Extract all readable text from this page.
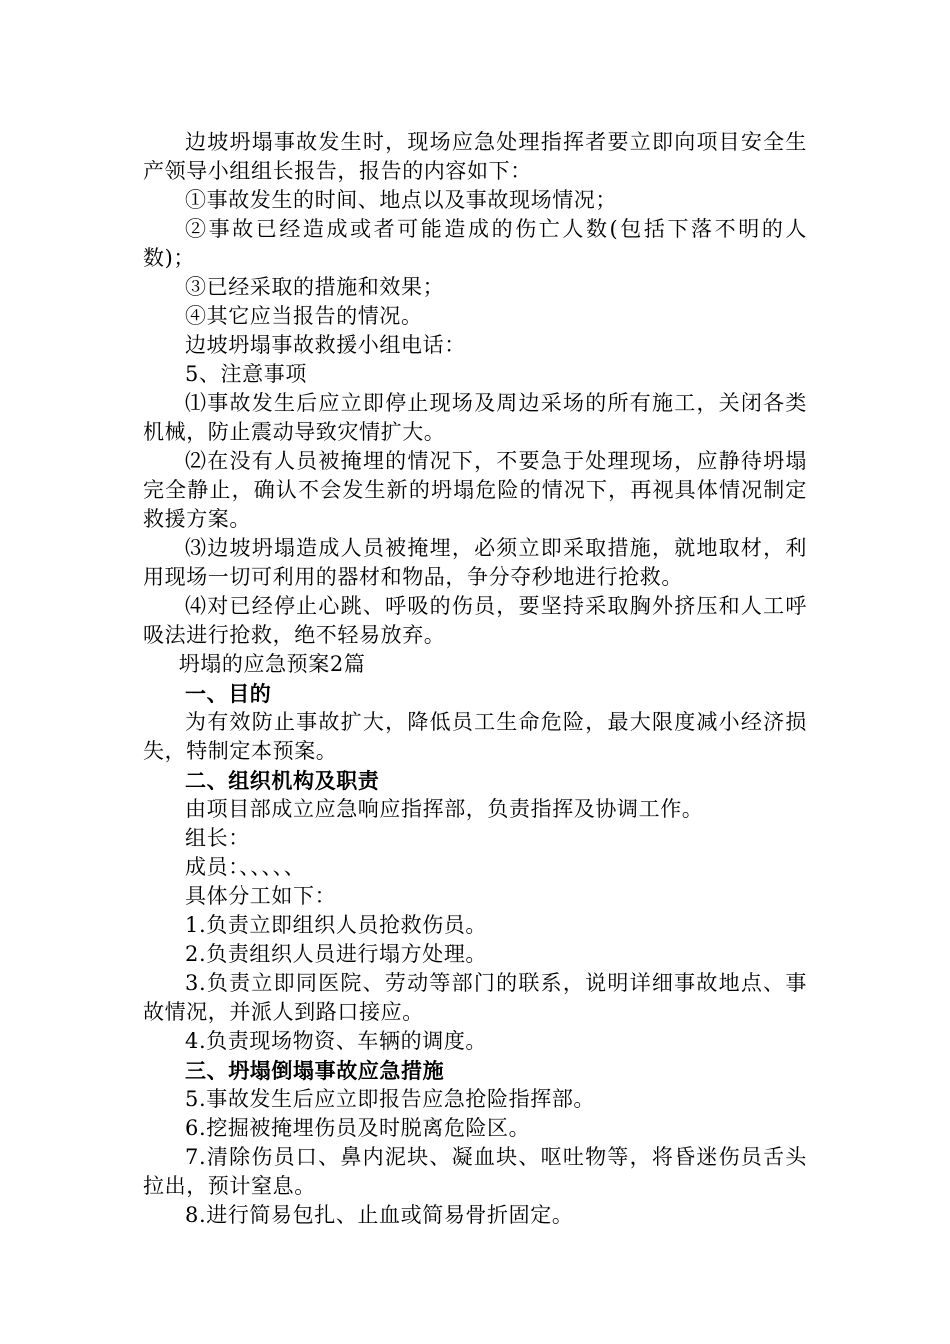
边坡坍塌事故发生时，现场应急处理指挥者要立即向项目安全生产领导小组组长报告，报告的内容如下：

①事故发生的时间、地点以及事故现场情况；

②事故已经造成或者可能造成的伤亡人数(包括下落不明的人数)；

③已经采取的措施和效果；

④其它应当报告的情况。

边坡坍塌事故救援小组电话：

5、注意事项

⑴事故发生后应立即停止现场及周边采场的所有施工，关闭各类机械，防止震动导致灾情扩大。

⑵在没有人员被掩埋的情况下，不要急于处理现场，应静待坍塌完全静止，确认不会发生新的坍塌危险的情况下，再视具体情况制定救援方案。

⑶边坡坍塌造成人员被掩埋，必须立即采取措施，就地取材，利用现场一切可利用的器材和物品，争分夺秒地进行抢救。

⑷对已经停止心跳、呼吸的伤员，要坚持采取胸外挤压和人工呼吸法进行抢救，绝不轻易放弃。

坍塌的应急预案2篇

一、目的

为有效防止事故扩大，降低员工生命危险，最大限度减小经济损失，特制定本预案。

二、组织机构及职责

由项目部成立应急响应指挥部，负责指挥及协调工作。

组长：

成员：、、、、、

具体分工如下：

1.负责立即组织人员抢救伤员。

2.负责组织人员进行塌方处理。

3.负责立即同医院、劳动等部门的联系，说明详细事故地点、事故情况，并派人到路口接应。

4.负责现场物资、车辆的调度。

三、坍塌倒塌事故应急措施

5.事故发生后应立即报告应急抢险指挥部。

6.挖掘被掩埋伤员及时脱离危险区。

7.清除伤员口、鼻内泥块、凝血块、呕吐物等，将昏迷伤员舌头拉出，预计窒息。

8.进行简易包扎、止血或简易骨折固定。
